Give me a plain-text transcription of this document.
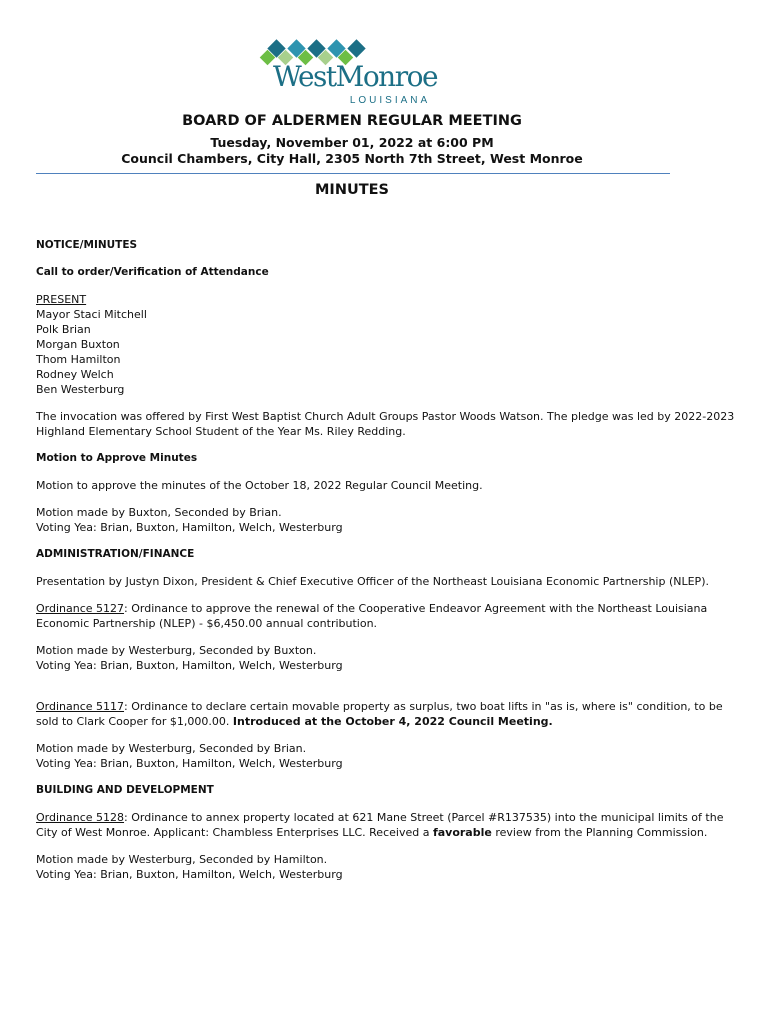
WestMonroe
LOUISIANA
BOARD OF ALDERMEN REGULAR MEETING
Tuesday, November 01, 2022 at 6:00 PM
Council Chambers, City Hall, 2305 North 7th Street, West Monroe
MINUTES

NOTICE/MINUTES

Call to order/Verification of Attendance

PRESENT
Mayor Staci Mitchell
Polk Brian
Morgan Buxton
Thom Hamilton
Rodney Welch
Ben Westerburg

The invocation was offered by First West Baptist Church Adult Groups Pastor Woods Watson. The pledge was led by 2022-2023 Highland Elementary School Student of the Year Ms. Riley Redding.

Motion to Approve Minutes

Motion to approve the minutes of the October 18, 2022 Regular Council Meeting.

Motion made by Buxton, Seconded by Brian.
Voting Yea: Brian, Buxton, Hamilton, Welch, Westerburg

ADMINISTRATION/FINANCE

Presentation by Justyn Dixon, President & Chief Executive Officer of the Northeast Louisiana Economic Partnership (NLEP).

Ordinance 5127: Ordinance to approve the renewal of the Cooperative Endeavor Agreement with the Northeast Louisiana Economic Partnership (NLEP) - $6,450.00 annual contribution.

Motion made by Westerburg, Seconded by Buxton.
Voting Yea: Brian, Buxton, Hamilton, Welch, Westerburg

Ordinance 5117: Ordinance to declare certain movable property as surplus, two boat lifts in "as is, where is" condition, to be sold to Clark Cooper for $1,000.00. Introduced at the October 4, 2022 Council Meeting.

Motion made by Westerburg, Seconded by Brian.
Voting Yea: Brian, Buxton, Hamilton, Welch, Westerburg

BUILDING AND DEVELOPMENT

Ordinance 5128: Ordinance to annex property located at 621 Mane Street (Parcel #R137535) into the municipal limits of the City of West Monroe. Applicant: Chambless Enterprises LLC. Received a favorable review from the Planning Commission.

Motion made by Westerburg, Seconded by Hamilton.
Voting Yea: Brian, Buxton, Hamilton, Welch, Westerburg
